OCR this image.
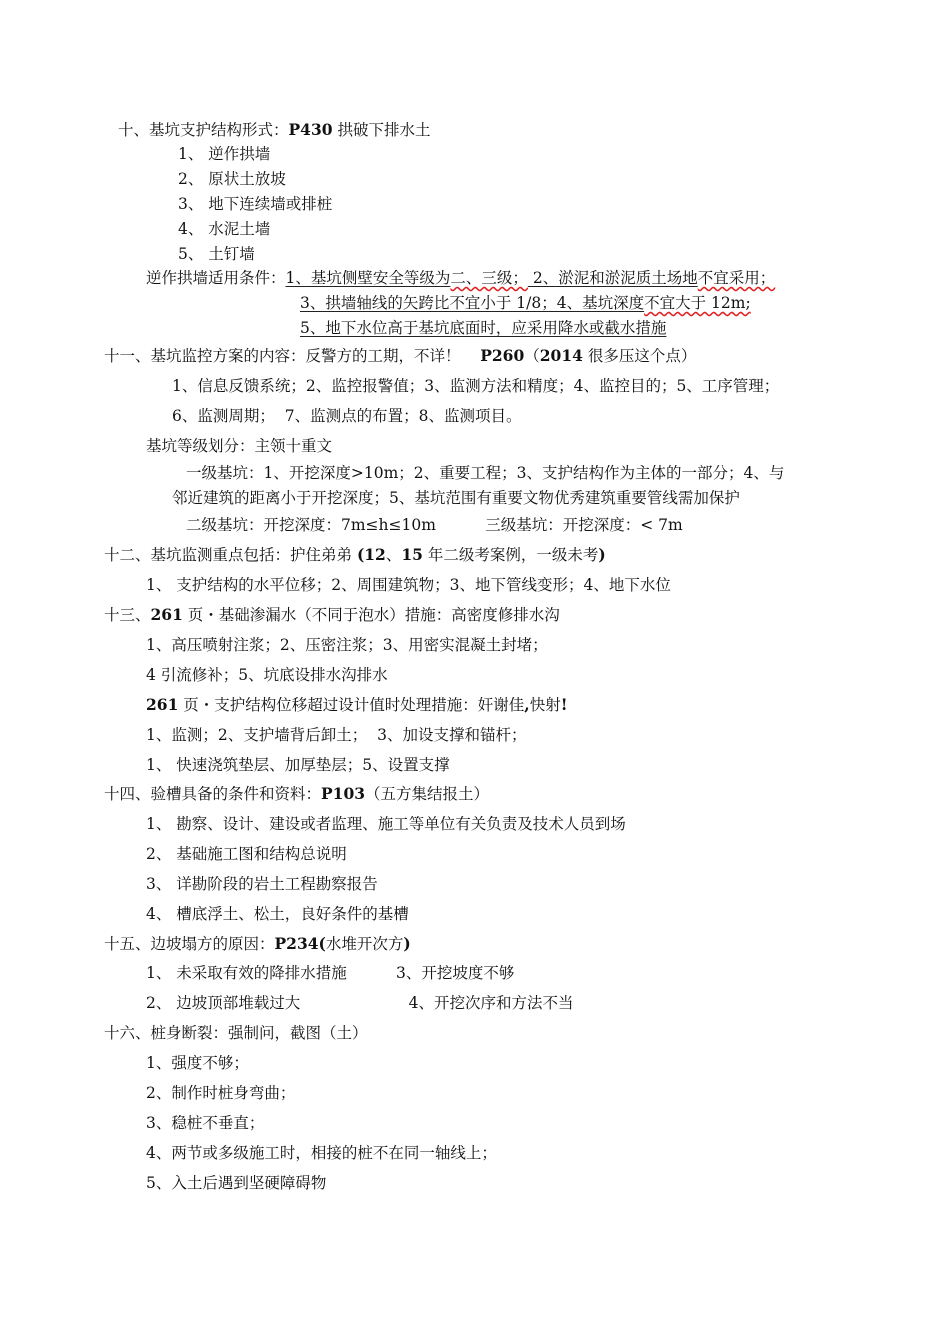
十、基坑支护结构形式：P430 拱破下排水土
1、 逆作拱墙
2、 原状土放坡
3、 地下连续墙或排桩
4、 水泥土墙
5、 土钉墙
逆作拱墙适用条件：1、基坑侧壁安全等级为二、三级； 2、淤泥和淤泥质土场地不宜采用；
3、拱墙轴线的矢跨比不宜小于 1/8；4、基坑深度不宜大于 12m;
5、地下水位高于基坑底面时，应采用降水或截水措施
十一、基坑监控方案的内容：反警方的工期，不详！    P260（2014 很多压这个点）
1、信息反馈系统；2、监控报警值；3、监测方法和精度；4、监控目的；5、工序管理；
6、监测周期；  7、监测点的布置；8、监测项目。
基坑等级划分：主领十重文
一级基坑：1、开挖深度>10m；2、重要工程；3、支护结构作为主体的一部分；4、与
邻近建筑的距离小于开挖深度；5、基坑范围有重要文物优秀建筑重要管线需加保护
二级基坑：开挖深度：7m≤h≤10m          三级基坑：开挖深度：< 7m
十二、基坑监测重点包括：护住弟弟 (12、15 年二级考案例，一级未考)
1、 支护结构的水平位移；2、周围建筑物；3、地下管线变形；4、地下水位
十三、261 页・基础渗漏水（不同于泡水）措施：高密度修排水沟
1、高压喷射注浆；2、压密注浆；3、用密实混凝土封堵；
4 引流修补；5、坑底设排水沟排水
261 页・支护结构位移超过设计值时处理措施：奸谢佳,快射!
1、监测；2、支护墙背后卸土；  3、加设支撑和锚杆；
1、 快速浇筑垫层、加厚垫层；5、设置支撑
十四、验槽具备的条件和资料：P103（五方集结报土）
1、 勘察、设计、建设或者监理、施工等单位有关负责及技术人员到场
2、 基础施工图和结构总说明
3、 详勘阶段的岩土工程勘察报告
4、 槽底浮土、松土，良好条件的基槽
十五、边坡塌方的原因：P234(水堆开次方)
1、 未采取有效的降排水措施          3、开挖坡度不够
2、 边坡顶部堆载过大                      4、开挖次序和方法不当
十六、桩身断裂：强制问，截图（土）
1、强度不够；
2、制作时桩身弯曲；
3、稳桩不垂直；
4、两节或多级施工时，相接的桩不在同一轴线上；
5、入土后遇到坚硬障碍物
